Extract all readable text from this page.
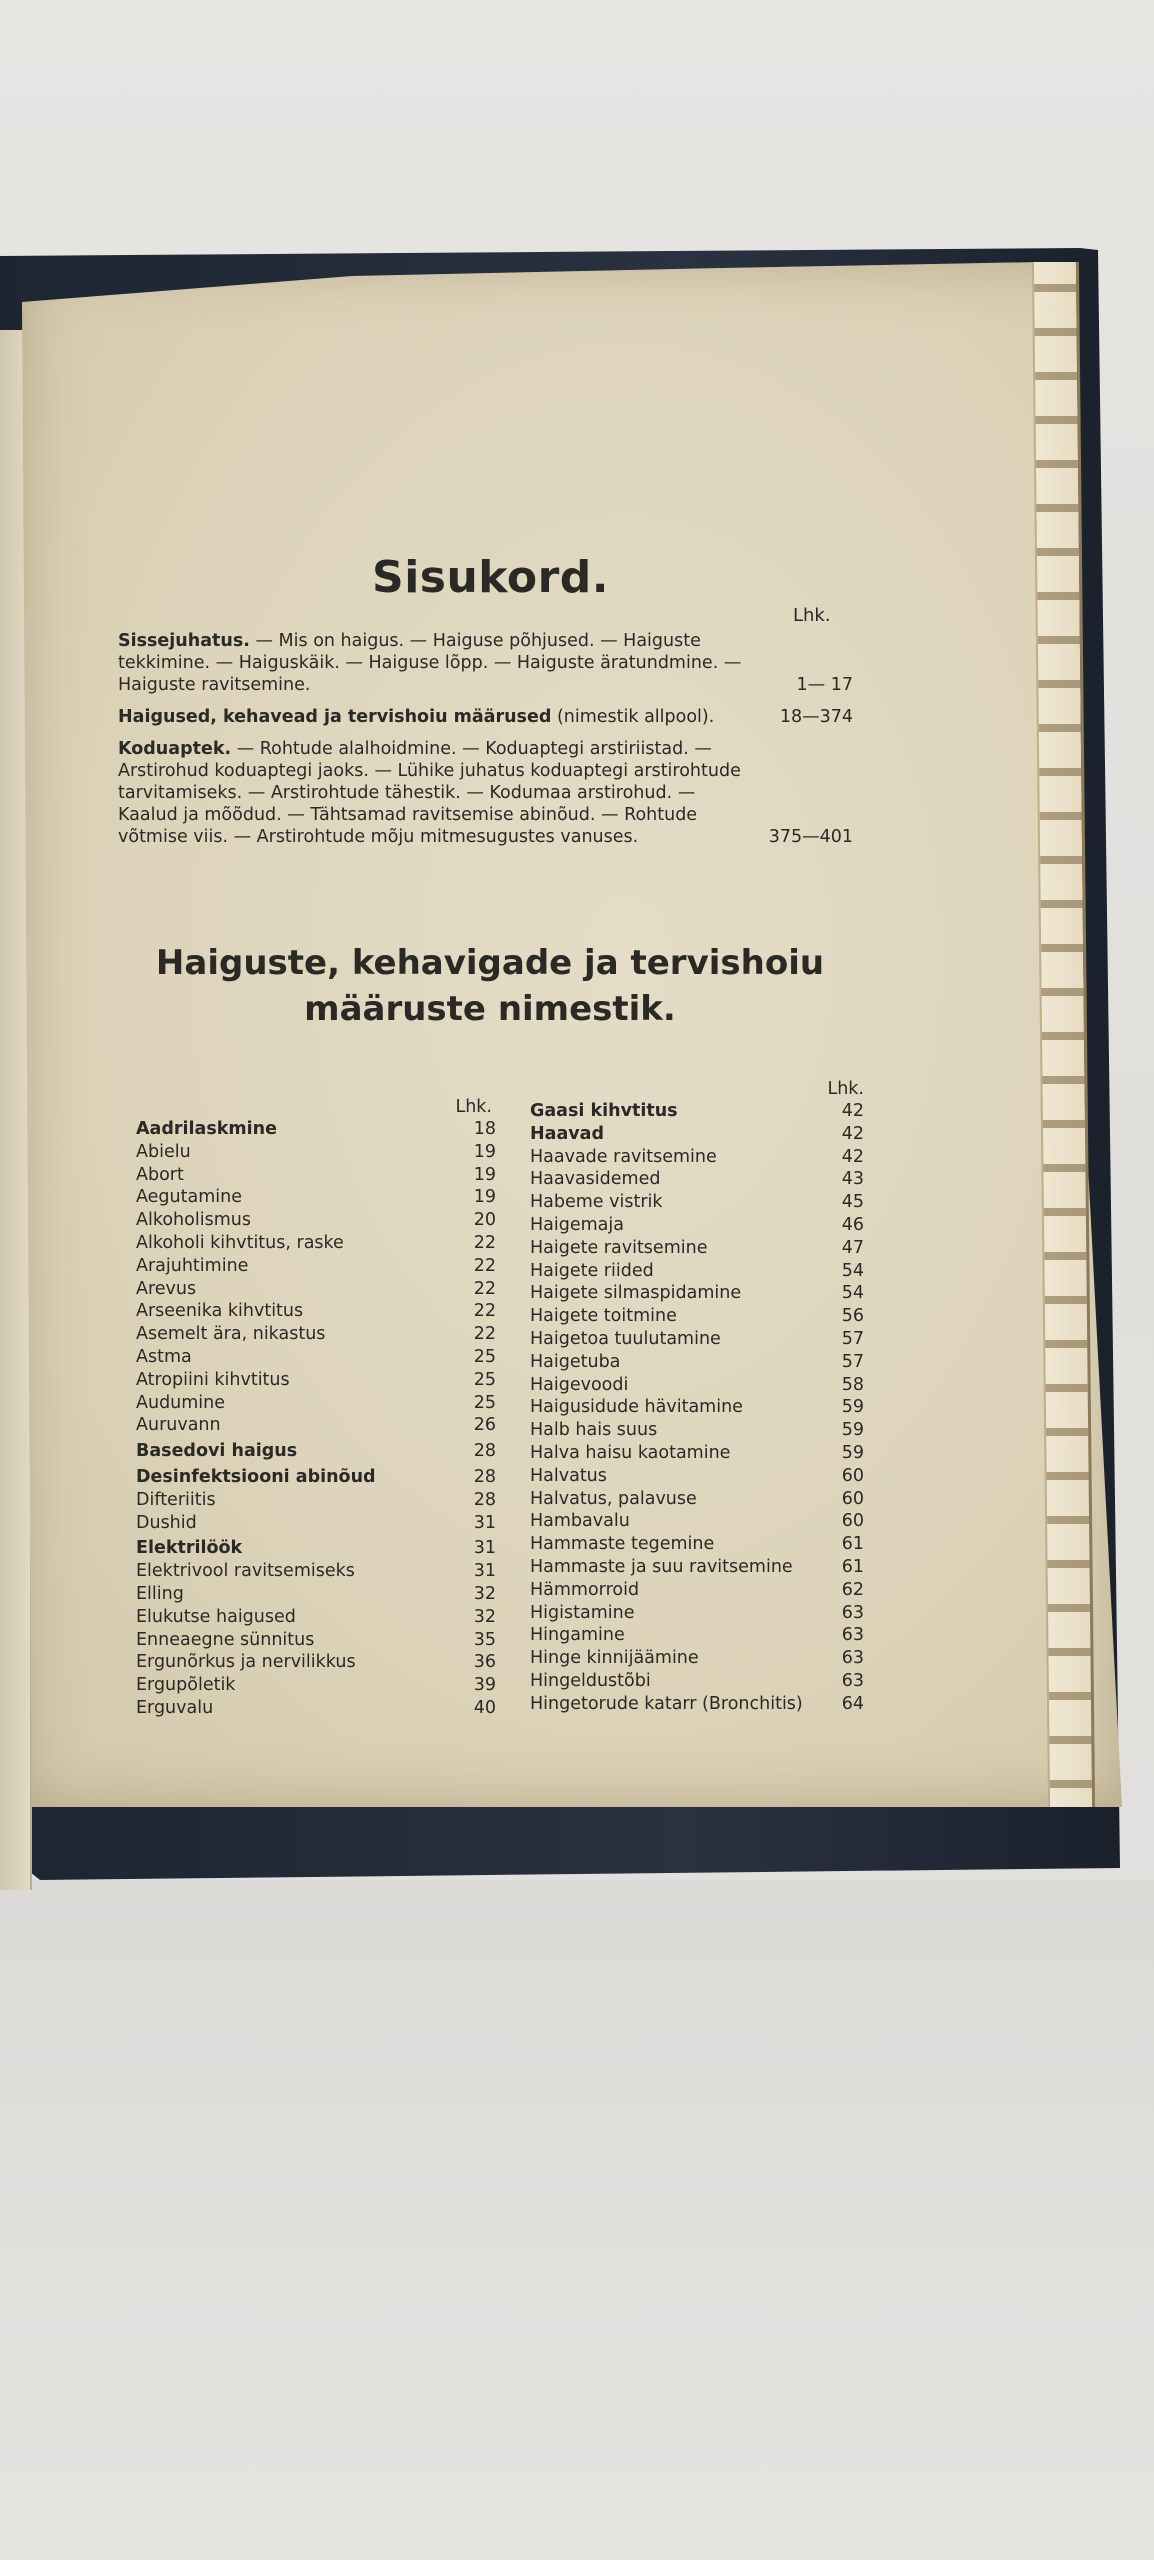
Sisukord.
Lhk.
Sissejuhatus. — Mis on haigus. — Haiguse põhjused. — Haiguste tekkimine. — Haiguskäik. — Haiguse lõpp. — Haiguste äratundmine. — Haiguste ravitsemine.	1— 17
Haigused, kehavead ja tervishoiu määrused (nimestik allpool).	18—374
Koduaptek. — Rohtude alalhoidmine. — Koduaptegi arstiriistad. — Arstirohud koduaptegi jaoks. — Lühike juhatus koduaptegi arstirohtude tarvitamiseks. — Arstirohtude tähestik. — Kodumaa arstirohud. — Kaalud ja mõõdud. — Tähtsamad ravitsemise abinõud. — Rohtude võtmise viis. — Arstirohtude mõju mitmesugustes vanuses.	375—401
Haiguste, kehavigade ja tervishoiu
määruste nimestik.
Lhk.
Aadrilaskmine	18
Abielu	19
Abort	19
Aegutamine	19
Alkoholismus	20
Alkoholi kihvtitus, raske	22
Arajuhtimine	22
Arevus	22
Arseenika kihvtitus	22
Asemelt ära, nikastus	22
Astma	25
Atropiini kihvtitus	25
Audumine	25
Auruvann	26
Basedovi haigus	28
Desinfektsiooni abinõud	28
Difteriitis	28
Dushid	31
Elektrilöök	31
Elektrivool ravitsemiseks	31
Elling	32
Elukutse haigused	32
Enneaegne sünnitus	35
Ergunõrkus ja nervilikkus	36
Ergupõletik	39
Erguvalu	40
Lhk.
Gaasi kihvtitus	42
Haavad	42
Haavade ravitsemine	42
Haavasidemed	43
Habeme vistrik	45
Haigemaja	46
Haigete ravitsemine	47
Haigete riided	54
Haigete silmaspidamine	54
Haigete toitmine	56
Haigetoa tuulutamine	57
Haigetuba	57
Haigevoodi	58
Haigusidude hävitamine	59
Halb hais suus	59
Halva haisu kaotamine	59
Halvatus	60
Halvatus, palavuse	60
Hambavalu	60
Hammaste tegemine	61
Hammaste ja suu ravitsemine	61
Hämmorroid	62
Higistamine	63
Hingamine	63
Hinge kinnijäämine	63
Hingeldustõbi	63
Hingetorude katarr (Bronchitis)	64
